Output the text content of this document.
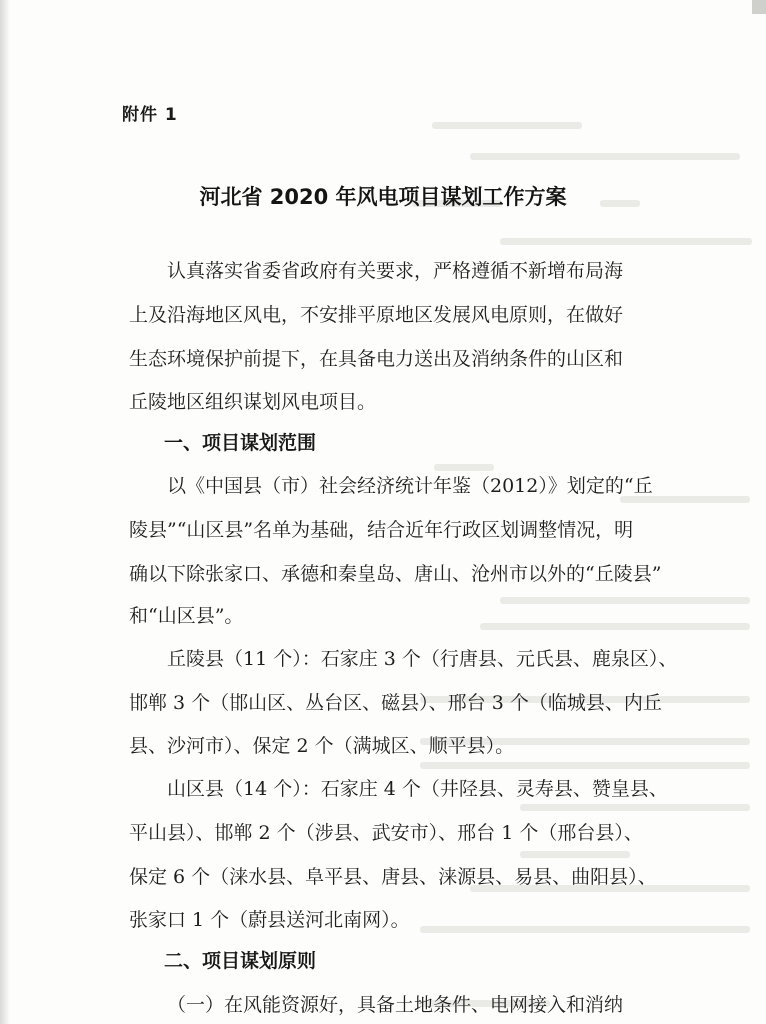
附件 1
河北省 2020 年风电项目谋划工作方案
认真落实省委省政府有关要求，严格遵循不新增布局海
上及沿海地区风电，不安排平原地区发展风电原则，在做好
生态环境保护前提下，在具备电力送出及消纳条件的山区和
丘陵地区组织谋划风电项目。
一、项目谋划范围
以《中国县（市）社会经济统计年鉴（2012）》划定的“丘
陵县”“山区县”名单为基础，结合近年行政区划调整情况，明
确以下除张家口、承德和秦皇岛、唐山、沧州市以外的“丘陵县”
和“山区县”。
丘陵县（11 个）：石家庄 3 个（行唐县、元氏县、鹿泉区）、
邯郸 3 个（邯山区、丛台区、磁县）、邢台 3 个（临城县、内丘
县、沙河市）、保定 2 个（满城区、顺平县）。
山区县（14 个）：石家庄 4 个（井陉县、灵寿县、赞皇县、
平山县）、邯郸 2 个（涉县、武安市）、邢台 1 个（邢台县）、
保定 6 个（涞水县、阜平县、唐县、涞源县、易县、曲阳县）、
张家口 1 个（蔚县送河北南网）。
二、项目谋划原则
（一）在风能资源好，具备土地条件、电网接入和消纳
